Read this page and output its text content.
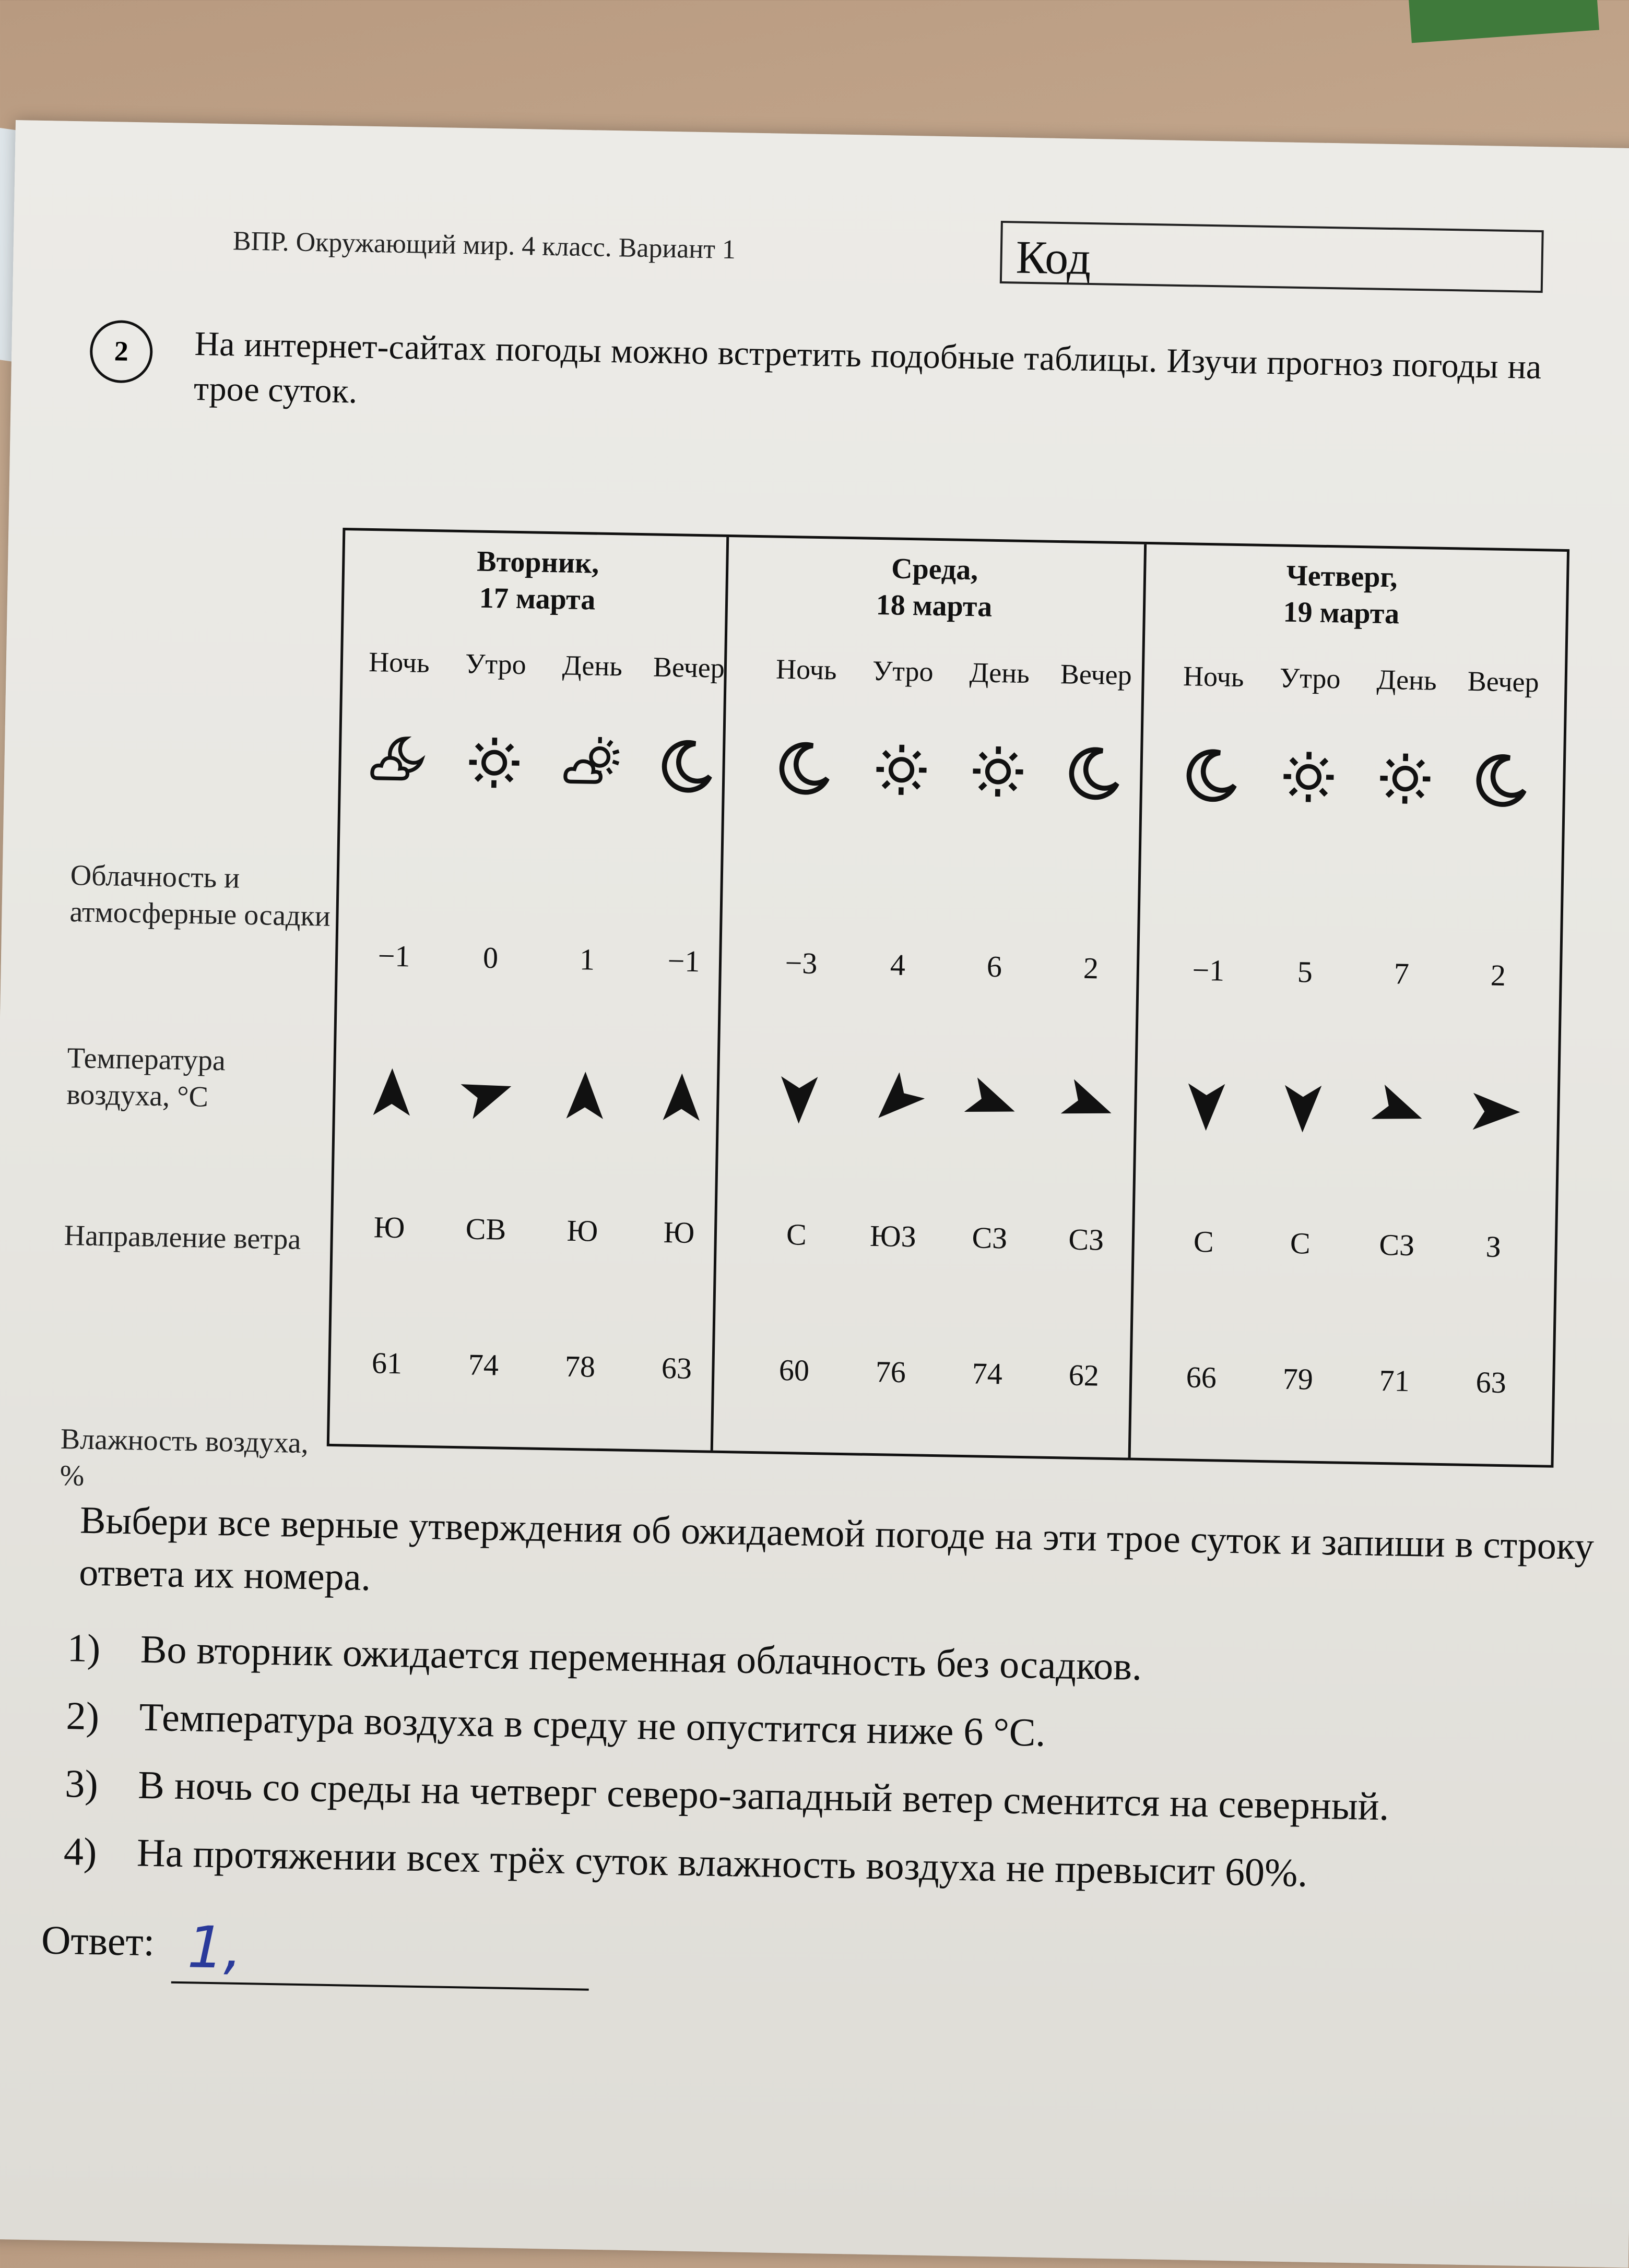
ВПР. Окружающий мир. 4 класс. Вариант 1	Код
2	На интернет-сайтах погоды можно встретить подобные таблицы. Изучи прогноз погоды на трое суток.
Облачность и атмосферные осадки
Температура воздуха, °C
Направление ветра
Влажность воздуха, %
Вторник,
17 марта
Среда,
18 марта
Четверг,
19 марта
Ночь
−1
Ю
61
Утро
0
СВ
74
День
1
Ю
78
Вечер
−1
Ю
63
Ночь
−3
С
60
Утро
4
ЮЗ
76
День
6
СЗ
74
Вечер
2
СЗ
62
Ночь
−1
С
66
Утро
5
С
79
День
7
СЗ
71
Вечер
2
З
63
Выбери все верные утверждения об ожидаемой погоде на эти трое суток и запиши в строку ответа их номера.
1) Во вторник ожидается переменная облачность без осадков.
2) Температура воздуха в среду не опустится ниже 6 °C.
3) В ночь со среды на четверг северо-западный ветер сменится на северный.
4) На протяжении всех трёх суток влажность воздуха не превысит 60%.
Ответ: 1,
